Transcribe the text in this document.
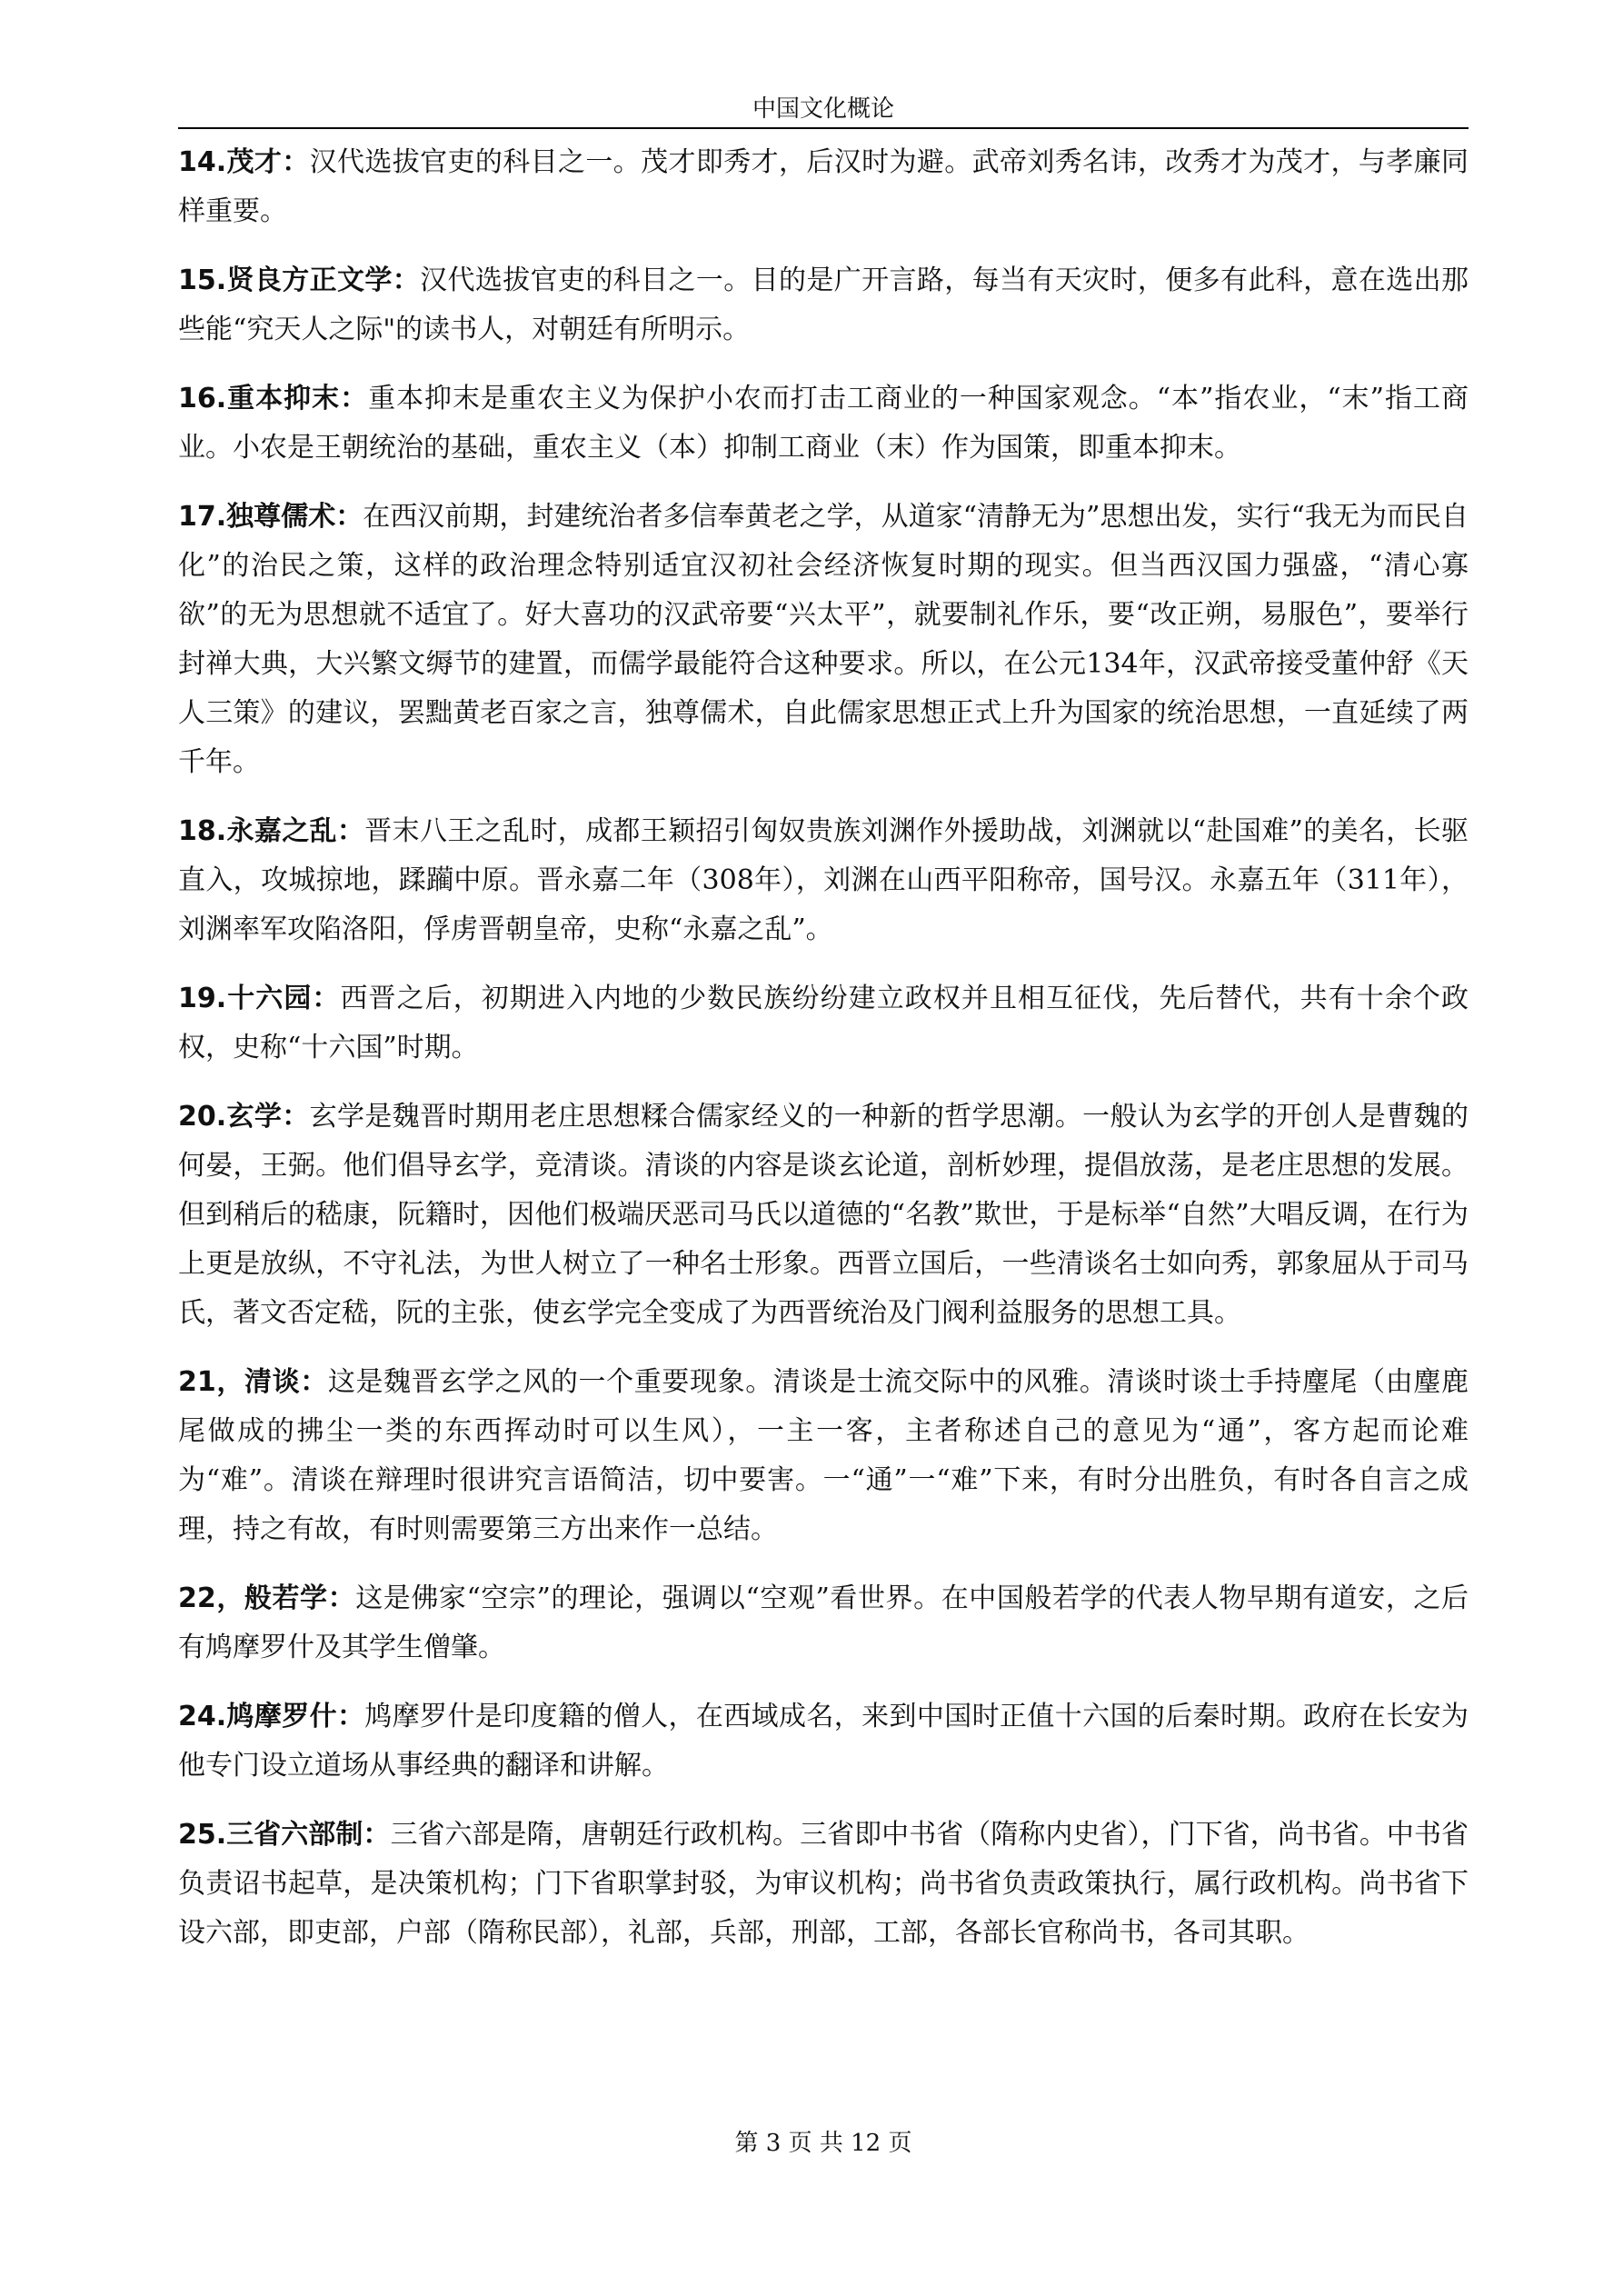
中国文化概论

14.茂才：汉代选拔官吏的科目之一。茂才即秀才，后汉时为避。武帝刘秀名讳，改秀才为茂才，与孝廉同样重要。

15.贤良方正文学：汉代选拔官吏的科目之一。目的是广开言路，每当有天灾时，便多有此科，意在选出那些能“究天人之际"的读书人，对朝廷有所明示。

16.重本抑末：重本抑末是重农主义为保护小农而打击工商业的一种国家观念。“本”指农业，“末”指工商业。小农是王朝统治的基础，重农主义（本）抑制工商业（末）作为国策，即重本抑末。

17.独尊儒术：在西汉前期，封建统治者多信奉黄老之学，从道家“清静无为”思想出发，实行“我无为而民自化”的治民之策，这样的政治理念特别适宜汉初社会经济恢复时期的现实。但当西汉国力强盛，“清心寡欲”的无为思想就不适宜了。好大喜功的汉武帝要“兴太平”，就要制礼作乐，要“改正朔，易服色”，要举行封禅大典，大兴繁文缛节的建置，而儒学最能符合这种要求。所以，在公元134年，汉武帝接受董仲舒《天人三策》的建议，罢黜黄老百家之言，独尊儒术，自此儒家思想正式上升为国家的统治思想，一直延续了两千年。

18.永嘉之乱：晋末八王之乱时，成都王颖招引匈奴贵族刘渊作外援助战，刘渊就以“赴国难”的美名，长驱直入，攻城掠地，蹂躏中原。晋永嘉二年（308年），刘渊在山西平阳称帝，国号汉。永嘉五年（311年），刘渊率军攻陷洛阳，俘虏晋朝皇帝，史称“永嘉之乱”。

19.十六园：西晋之后，初期进入内地的少数民族纷纷建立政权并且相互征伐，先后替代，共有十余个政权，史称“十六国”时期。

20.玄学：玄学是魏晋时期用老庄思想糅合儒家经义的一种新的哲学思潮。一般认为玄学的开创人是曹魏的何晏，王弼。他们倡导玄学，竞清谈。清谈的内容是谈玄论道，剖析妙理，提倡放荡，是老庄思想的发展。但到稍后的嵇康，阮籍时，因他们极端厌恶司马氏以道德的“名教”欺世，于是标举“自然”大唱反调，在行为上更是放纵，不守礼法，为世人树立了一种名士形象。西晋立国后，一些清谈名士如向秀，郭象屈从于司马氏，著文否定嵇，阮的主张，使玄学完全变成了为西晋统治及门阀利益服务的思想工具。

21，清谈：这是魏晋玄学之风的一个重要现象。清谈是士流交际中的风雅。清谈时谈士手持麈尾（由麈鹿尾做成的拂尘一类的东西挥动时可以生风），一主一客，主者称述自己的意见为“通”，客方起而论难为“难”。清谈在辩理时很讲究言语简洁，切中要害。一“通”一“难”下来，有时分出胜负，有时各自言之成理，持之有故，有时则需要第三方出来作一总结。

22，般若学：这是佛家“空宗”的理论，强调以“空观”看世界。在中国般若学的代表人物早期有道安，之后有鸠摩罗什及其学生僧肇。

24.鸠摩罗什：鸠摩罗什是印度籍的僧人，在西域成名，来到中国时正值十六国的后秦时期。政府在长安为他专门设立道场从事经典的翻译和讲解。

25.三省六部制：三省六部是隋，唐朝廷行政机构。三省即中书省（隋称内史省），门下省，尚书省。中书省负责诏书起草，是决策机构；门下省职掌封驳，为审议机构；尚书省负责政策执行，属行政机构。尚书省下设六部，即吏部，户部（隋称民部），礼部，兵部，刑部，工部，各部长官称尚书，各司其职。

第 3 页 共 12 页
